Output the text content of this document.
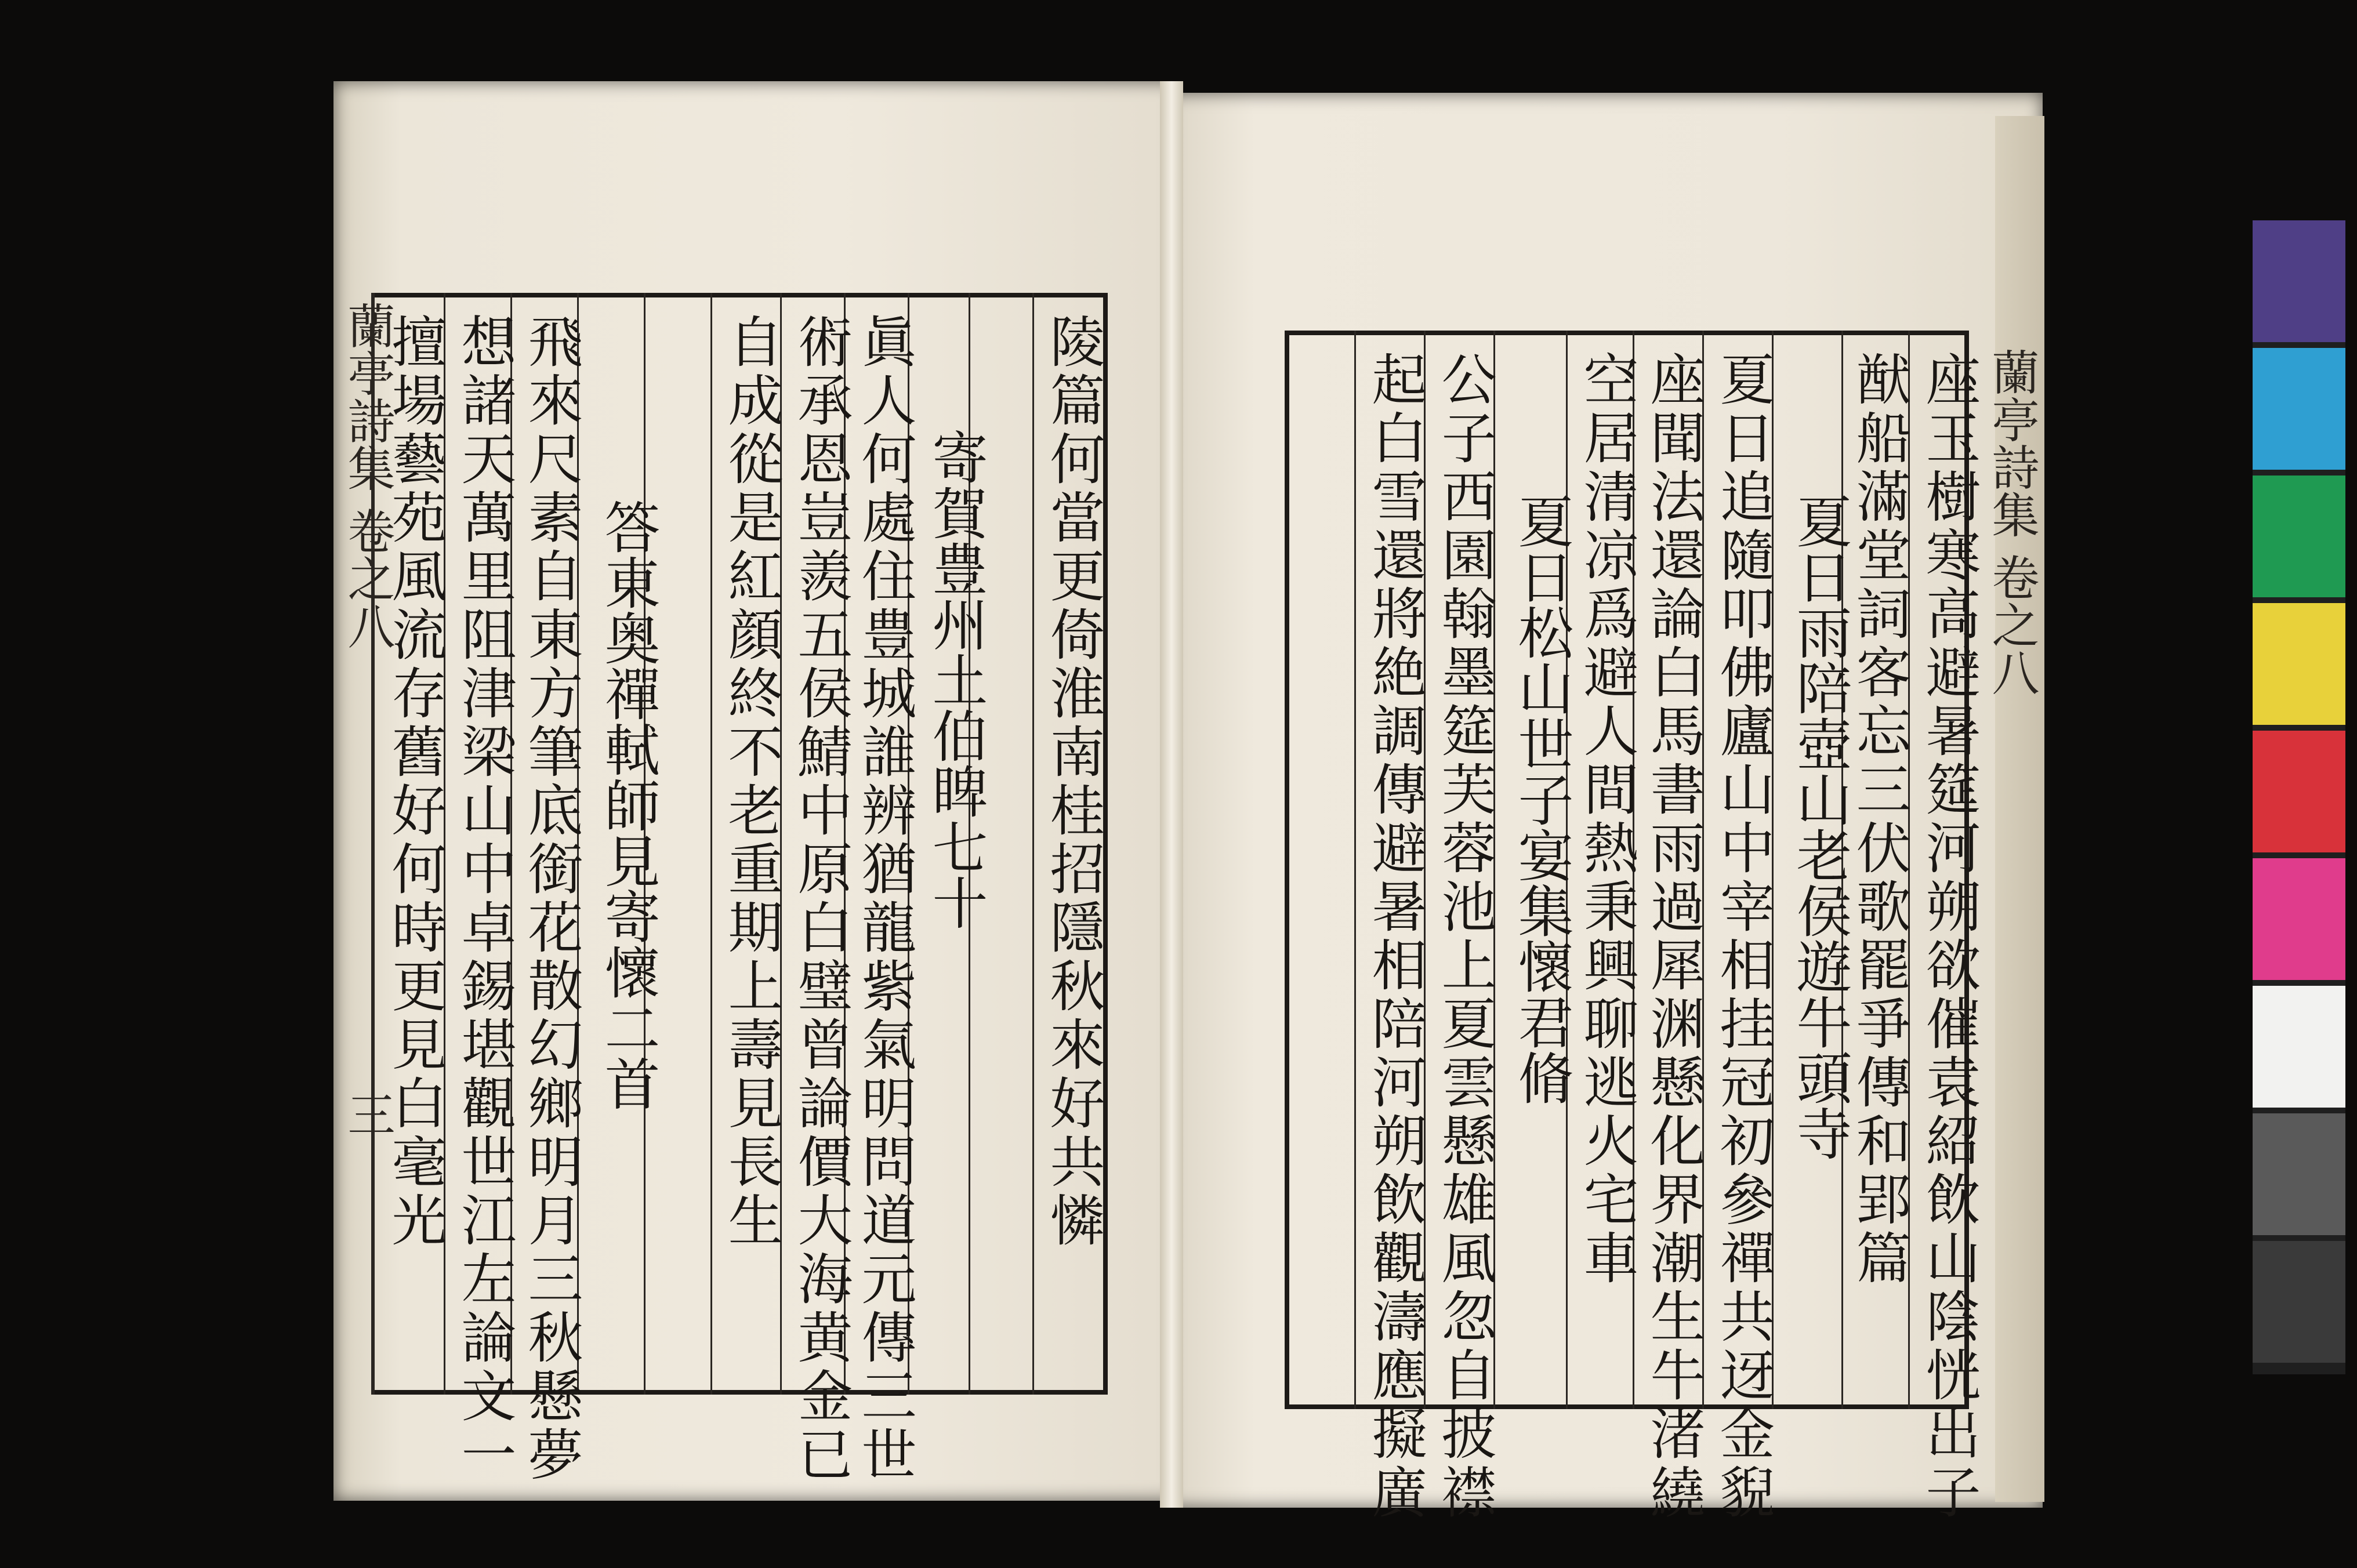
蘭亭詩集 卷之八
三	陵篇何當更倚淮南桂招隱秋來好共憐
寄賀豊州土伯睥七十
眞人何處住豊城誰辨猶龍紫氣明問道元傳三世
術承恩豈羨五侯鯖中原白璧曾論價大海黄金已
自成從是紅顔終不老重期上壽見長生
答東奥禪軾師見寄懷二首
飛來尺素自東方筆底銜花散幻鄉明月三秋懸夢
想諸天萬里阻津梁山中卓錫堪觀世江左論文一
擅場藝苑風流存舊好何時更見白毫光	蘭亭詩集 卷之八
座玉樹寒高避暑筵河朔欲催袁紹飲山陰恍出子
猷船滿堂詞客忘三伏歌罷爭傳和郢篇
夏日雨陪壺山老侯遊牛頭寺
夏日追隨叩佛廬山中宰相挂冠初參禪共迓金貎
座聞法還論白馬書雨過犀渊懸化界潮生牛渚繞
空居清凉爲避人間熱秉興聊逃火宅車
夏日松山世子宴集懷君脩
公子西園翰墨筵芙蓉池上夏雲懸雄風忽自披襟
起白雪還將絶調傳避暑相陪河朔飲觀濤應擬廣
